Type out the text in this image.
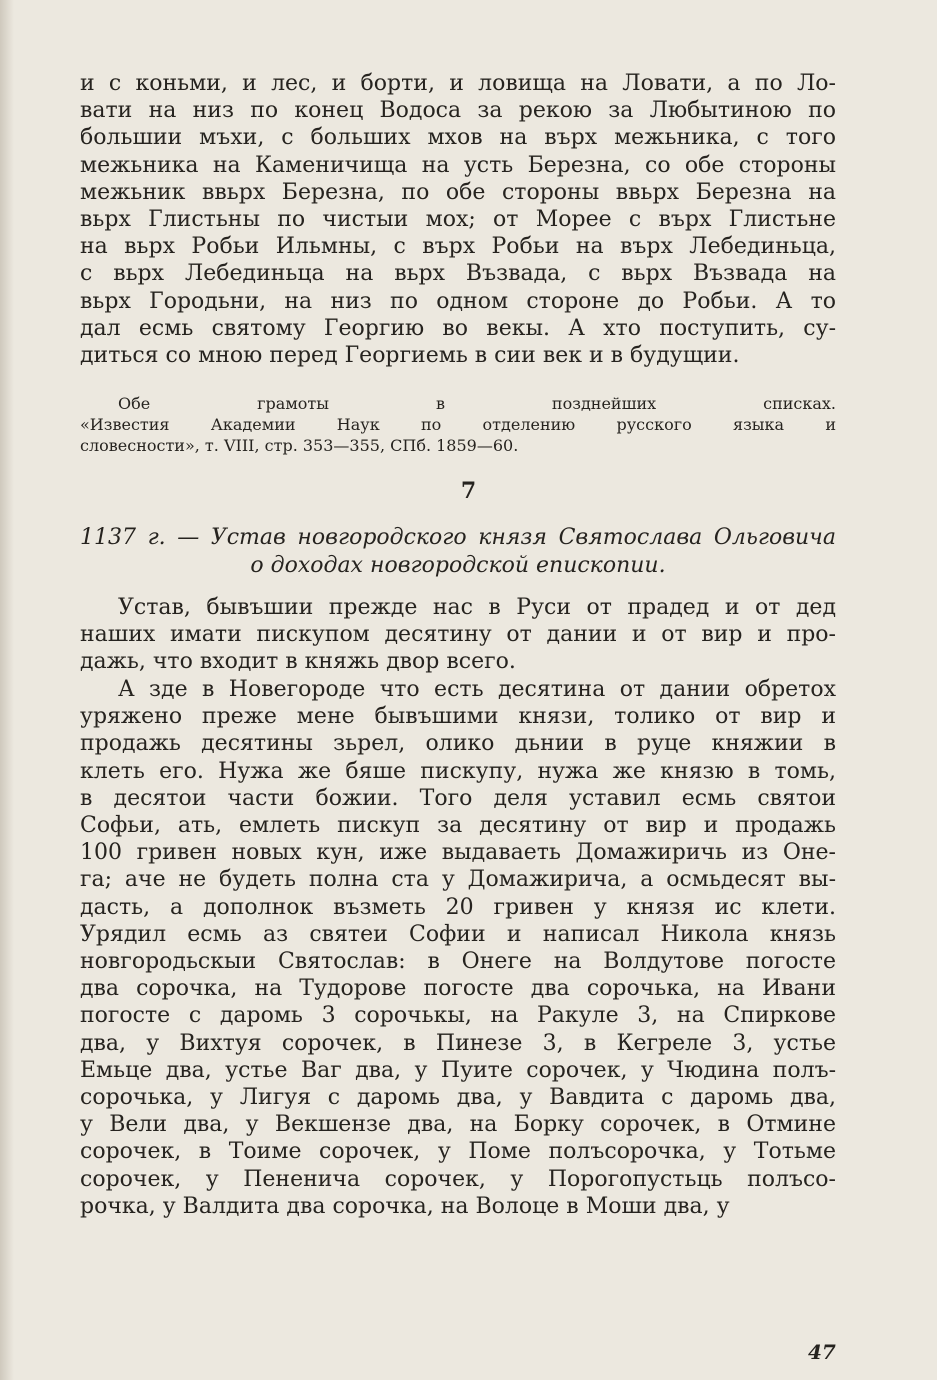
и с коньми, и лес, и борти, и ловища на Ловати, а по Ло-
вати на низ по конец Водоса за рекою за Любытиною по
большии мъхи, с больших мхов на върх межьника, с того
межьника на Каменичища на усть Березна, со обе стороны
межьник ввьрх Березна, по обе стороны ввьрх Березна на
вьрх Глистьны по чистыи мох; от Морее с върх Глистьне
на вьрх Робьи Ильмны, с върх Робьи на върх Лебединьца,
с вьрх Лебединьца на вьрх Възвада, с вьрх Възвада на
вьрх Городьни, на низ по одном стороне до Робьи. А то
дал есмь святому Георгию во векы. А хто поступить, су-
диться со мною перед Георгиемь в сии век и в будущии.
Обе грамоты в позднейших списках.
«Известия Академии Наук по отделению русского языка и
словесности», т. VIII, стр. 353—355, СПб. 1859—60.
7
1137 г. — Устав новгородского князя Святослава Ольговича
о доходах новгородской епископии.
Устав, бывъшии прежде нас в Руси от прадед и от дед
наших имати пискупом десятину от дании и от вир и про-
дажь, что входит в княжь двор всего.
А зде в Новегороде что есть десятина от дании обретох
уряжено преже мене бывъшими князи, толико от вир и
продажь десятины зьрел, олико дьнии в руце княжии в
клеть его. Нужа же бяше пискупу, нужа же князю в томь,
в десятои части божии. Того деля уставил есмь святои
Софьи, ать, емлеть пискуп за десятину от вир и продажь
100 гривен новых кун, иже выдаваеть Домажиричь из Оне-
га; аче не будеть полна ста у Домажирича, а осмьдесят вы-
дасть, а дополнок възметь 20 гривен у князя ис клети.
Урядил есмь аз святеи Софии и написал Никола князь
новгородьскыи Святослав: в Онеге на Волдутове погосте
два сорочка, на Тудорове погосте два сорочька, на Ивани
погосте с даромь 3 сорочькы, на Ракуле 3, на Спиркове
два, у Вихтуя сорочек, в Пинезе 3, в Кегреле 3, устье
Емьце два, устье Ваг два, у Пуите сорочек, у Чюдина полъ-
сорочька, у Лигуя с даромь два, у Вавдита с даромь два,
у Вели два, у Векшензе два, на Борку сорочек, в Отмине
сорочек, в Тоиме сорочек, у Поме полъсорочка, у Тотьме
сорочек, у Пененича сорочек, у Порогопустьць полъсо-
рочка, у Валдита два сорочка, на Волоце в Моши два, у
47
